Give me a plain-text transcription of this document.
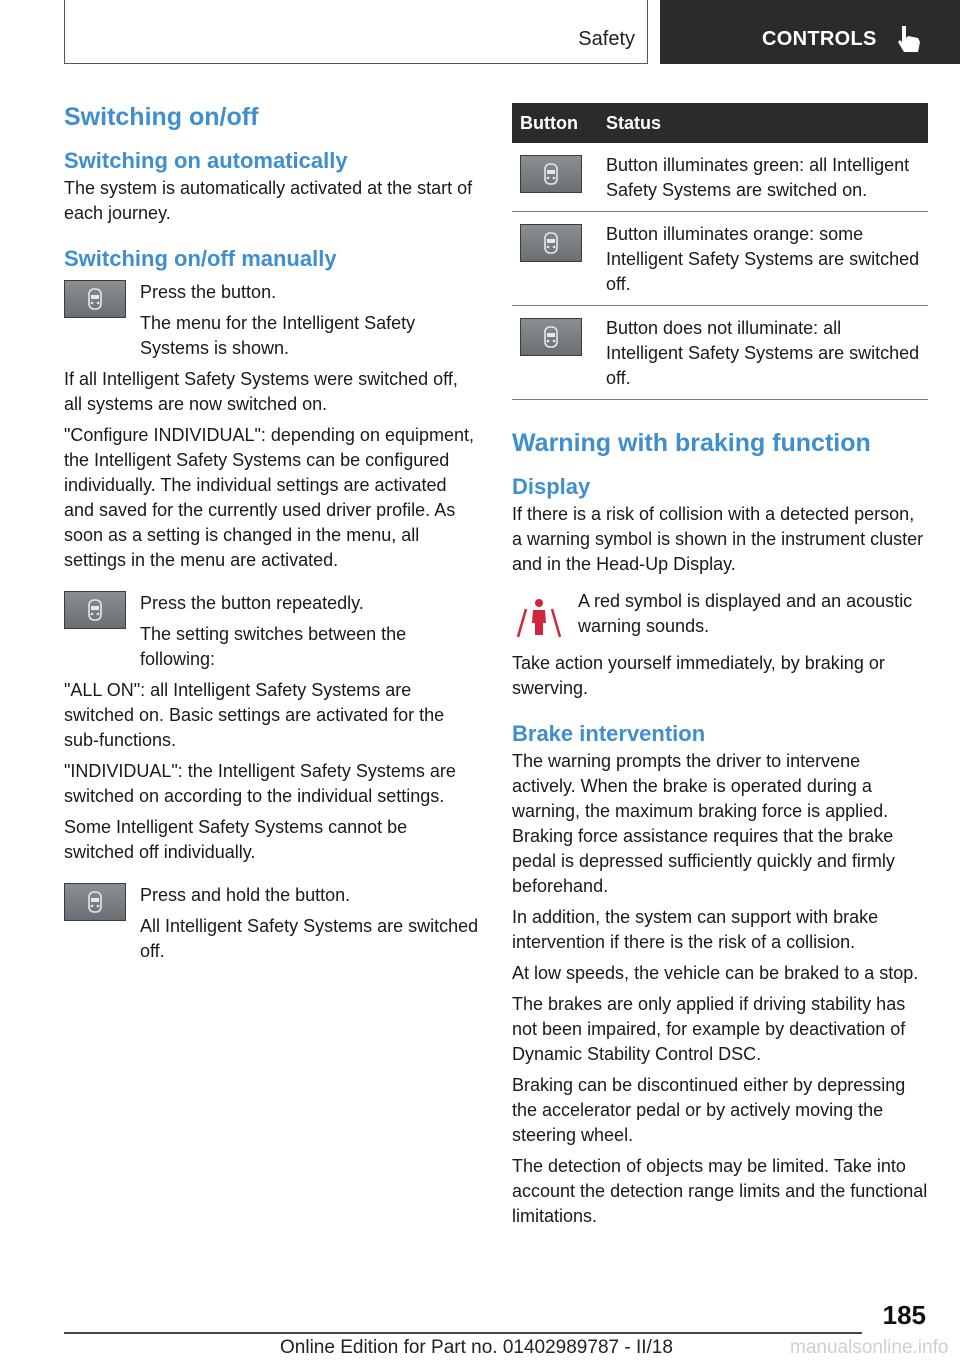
Safety	CONTROLS
Switching on/off
Switching on automatically

The system is automatically activated at the start of each journey.

Switching on/off manually

Press the button.

The menu for the Intelligent Safety Systems is shown.

If all Intelligent Safety Systems were switched off, all systems are now switched on.

"Configure INDIVIDUAL": depending on equipment, the Intelligent Safety Systems can be configured individually. The individual settings are activated and saved for the currently used driver profile. As soon as a setting is changed in the menu, all settings in the menu are activated.

Press the button repeatedly.

The setting switches between the following:

"ALL ON": all Intelligent Safety Systems are switched on. Basic settings are activated for the sub-functions.

"INDIVIDUAL": the Intelligent Safety Systems are switched on according to the individual settings.

Some Intelligent Safety Systems cannot be switched off individually.

Press and hold the button.

All Intelligent Safety Systems are switched off.

Button	Status

	Button illuminates green: all Intelligent Safety Systems are switched on.

	Button illuminates orange: some Intelligent Safety Systems are switched off.

	Button does not illuminate: all Intelligent Safety Systems are switched off.
Warning with braking function
Display

If there is a risk of collision with a detected person, a warning symbol is shown in the instrument cluster and in the Head-Up Display.

A red symbol is displayed and an acoustic warning sounds.

Take action yourself immediately, by braking or swerving.

Brake intervention

The warning prompts the driver to intervene actively. When the brake is operated during a warning, the maximum braking force is applied. Braking force assistance requires that the brake pedal is depressed sufficiently quickly and firmly beforehand.

In addition, the system can support with brake intervention if there is the risk of a collision.

At low speeds, the vehicle can be braked to a stop.

The brakes are only applied if driving stability has not been impaired, for example by deactivation of Dynamic Stability Control DSC.

Braking can be discontinued either by depressing the accelerator pedal or by actively moving the steering wheel.

The detection of objects may be limited. Take into account the detection range limits and the functional limitations.

185
Online Edition for Part no. 01402989787 - II/18	manualsonline.info
